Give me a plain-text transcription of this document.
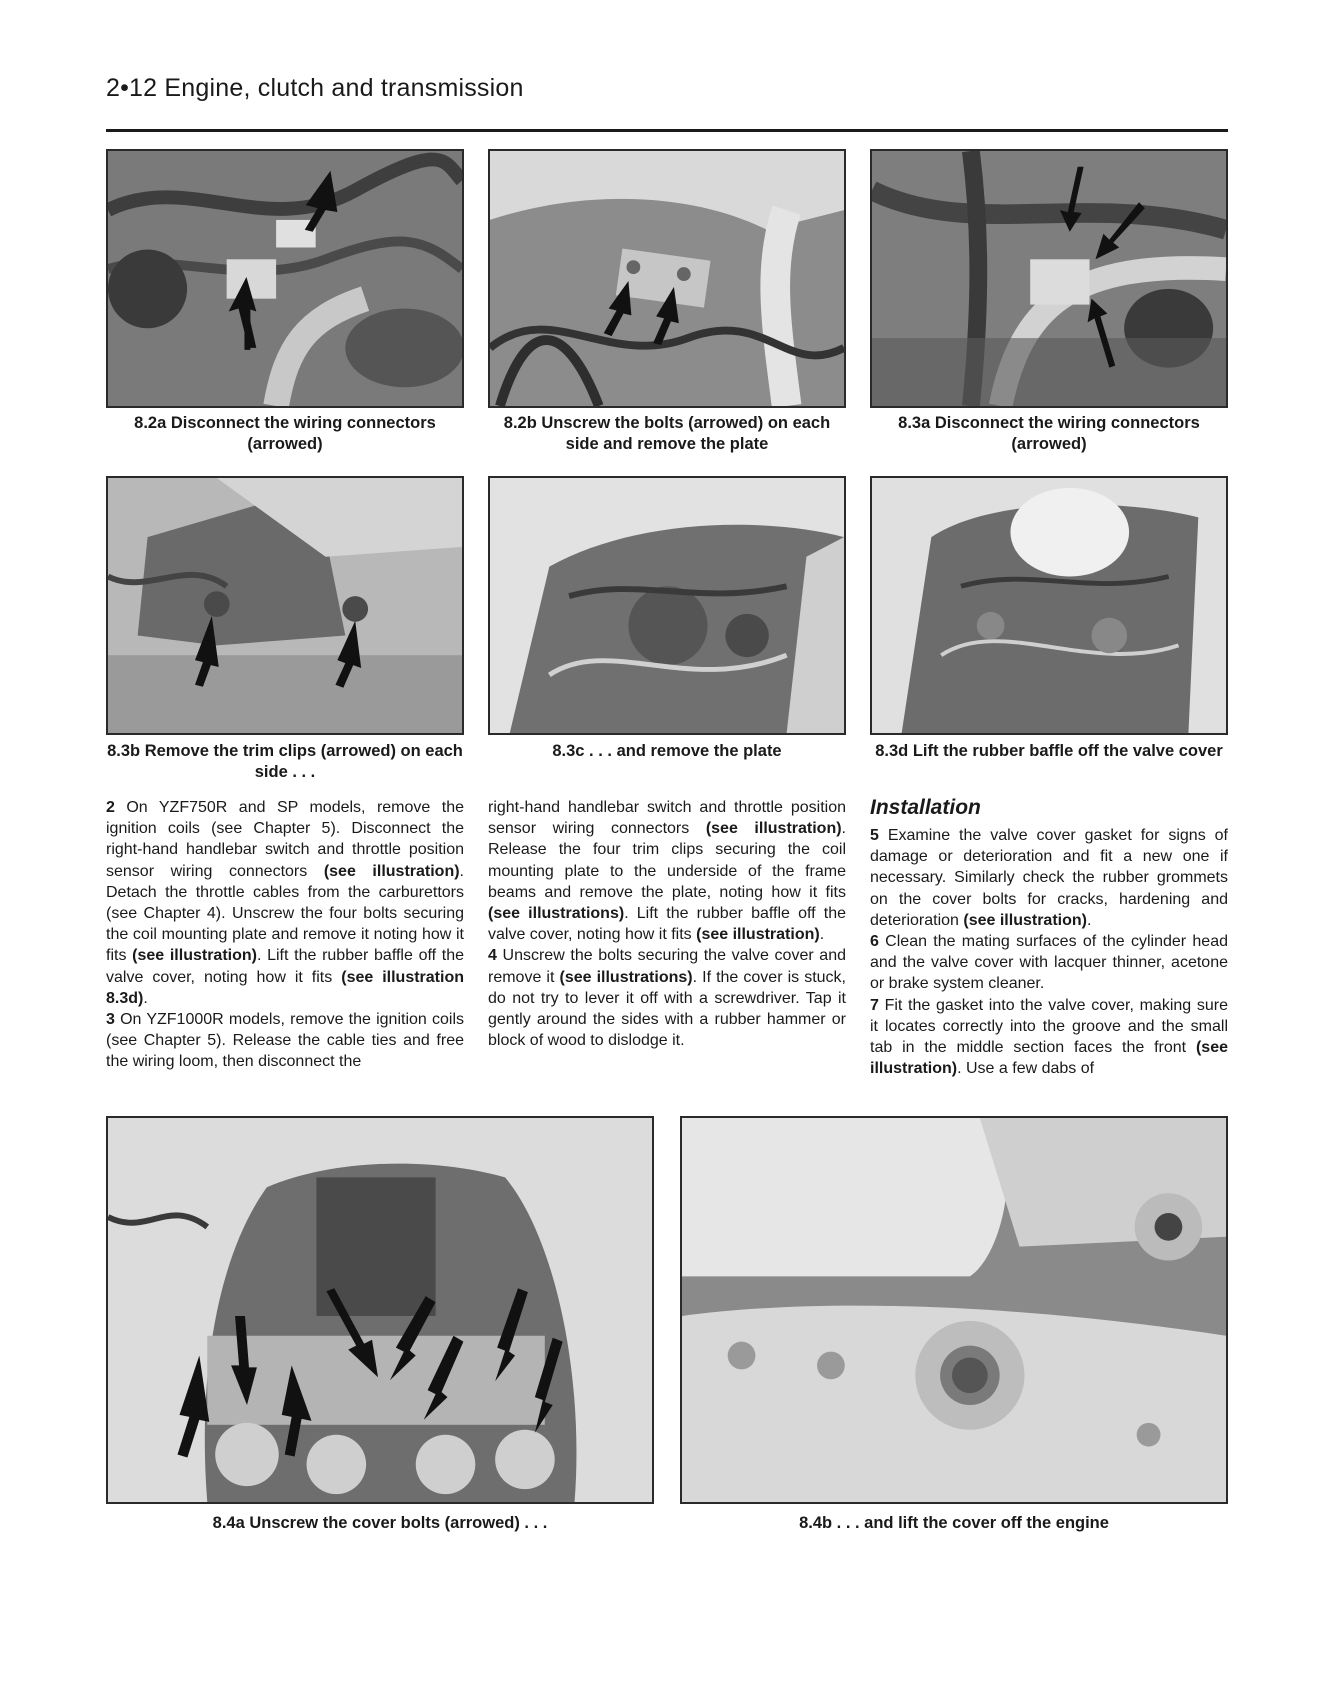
2•12 Engine, clutch and transmission
8.2a Disconnect the wiring connectors (arrowed)
8.2b Unscrew the bolts (arrowed) on each side and remove the plate
8.3a Disconnect the wiring connectors (arrowed)
8.3b Remove the trim clips (arrowed) on each side . . .
8.3c . . . and remove the plate	8.3d Lift the rubber baffle off the valve cover

2 On YZF750R and SP models, remove the ignition coils (see Chapter 5). Disconnect the right-hand handlebar switch and throttle position sensor wiring connectors (see illustration). Detach the throttle cables from the carburettors (see Chapter 4). Unscrew the four bolts securing the coil mounting plate and remove it noting how it fits (see illustration). Lift the rubber baffle off the valve cover, noting how it fits (see illustration 8.3d).

3 On YZF1000R models, remove the ignition coils (see Chapter 5). Release the cable ties and free the wiring loom, then disconnect the

right-hand handlebar switch and throttle position sensor wiring connectors (see illustration). Release the four trim clips securing the coil mounting plate to the underside of the frame beams and remove the plate, noting how it fits (see illustrations). Lift the rubber baffle off the valve cover, noting how it fits (see illustration).

4 Unscrew the bolts securing the valve cover and remove it (see illustrations). If the cover is stuck, do not try to lever it off with a screwdriver. Tap it gently around the sides with a rubber hammer or block of wood to dislodge it.

Installation

5 Examine the valve cover gasket for signs of damage or deterioration and fit a new one if necessary. Similarly check the rubber grommets on the cover bolts for cracks, hardening and deterioration (see illustration).

6 Clean the mating surfaces of the cylinder head and the valve cover with lacquer thinner, acetone or brake system cleaner.

7 Fit the gasket into the valve cover, making sure it locates correctly into the groove and the small tab in the middle section faces the front (see illustration). Use a few dabs of

8.4a Unscrew the cover bolts (arrowed) . . .	8.4b . . . and lift the cover off the engine
